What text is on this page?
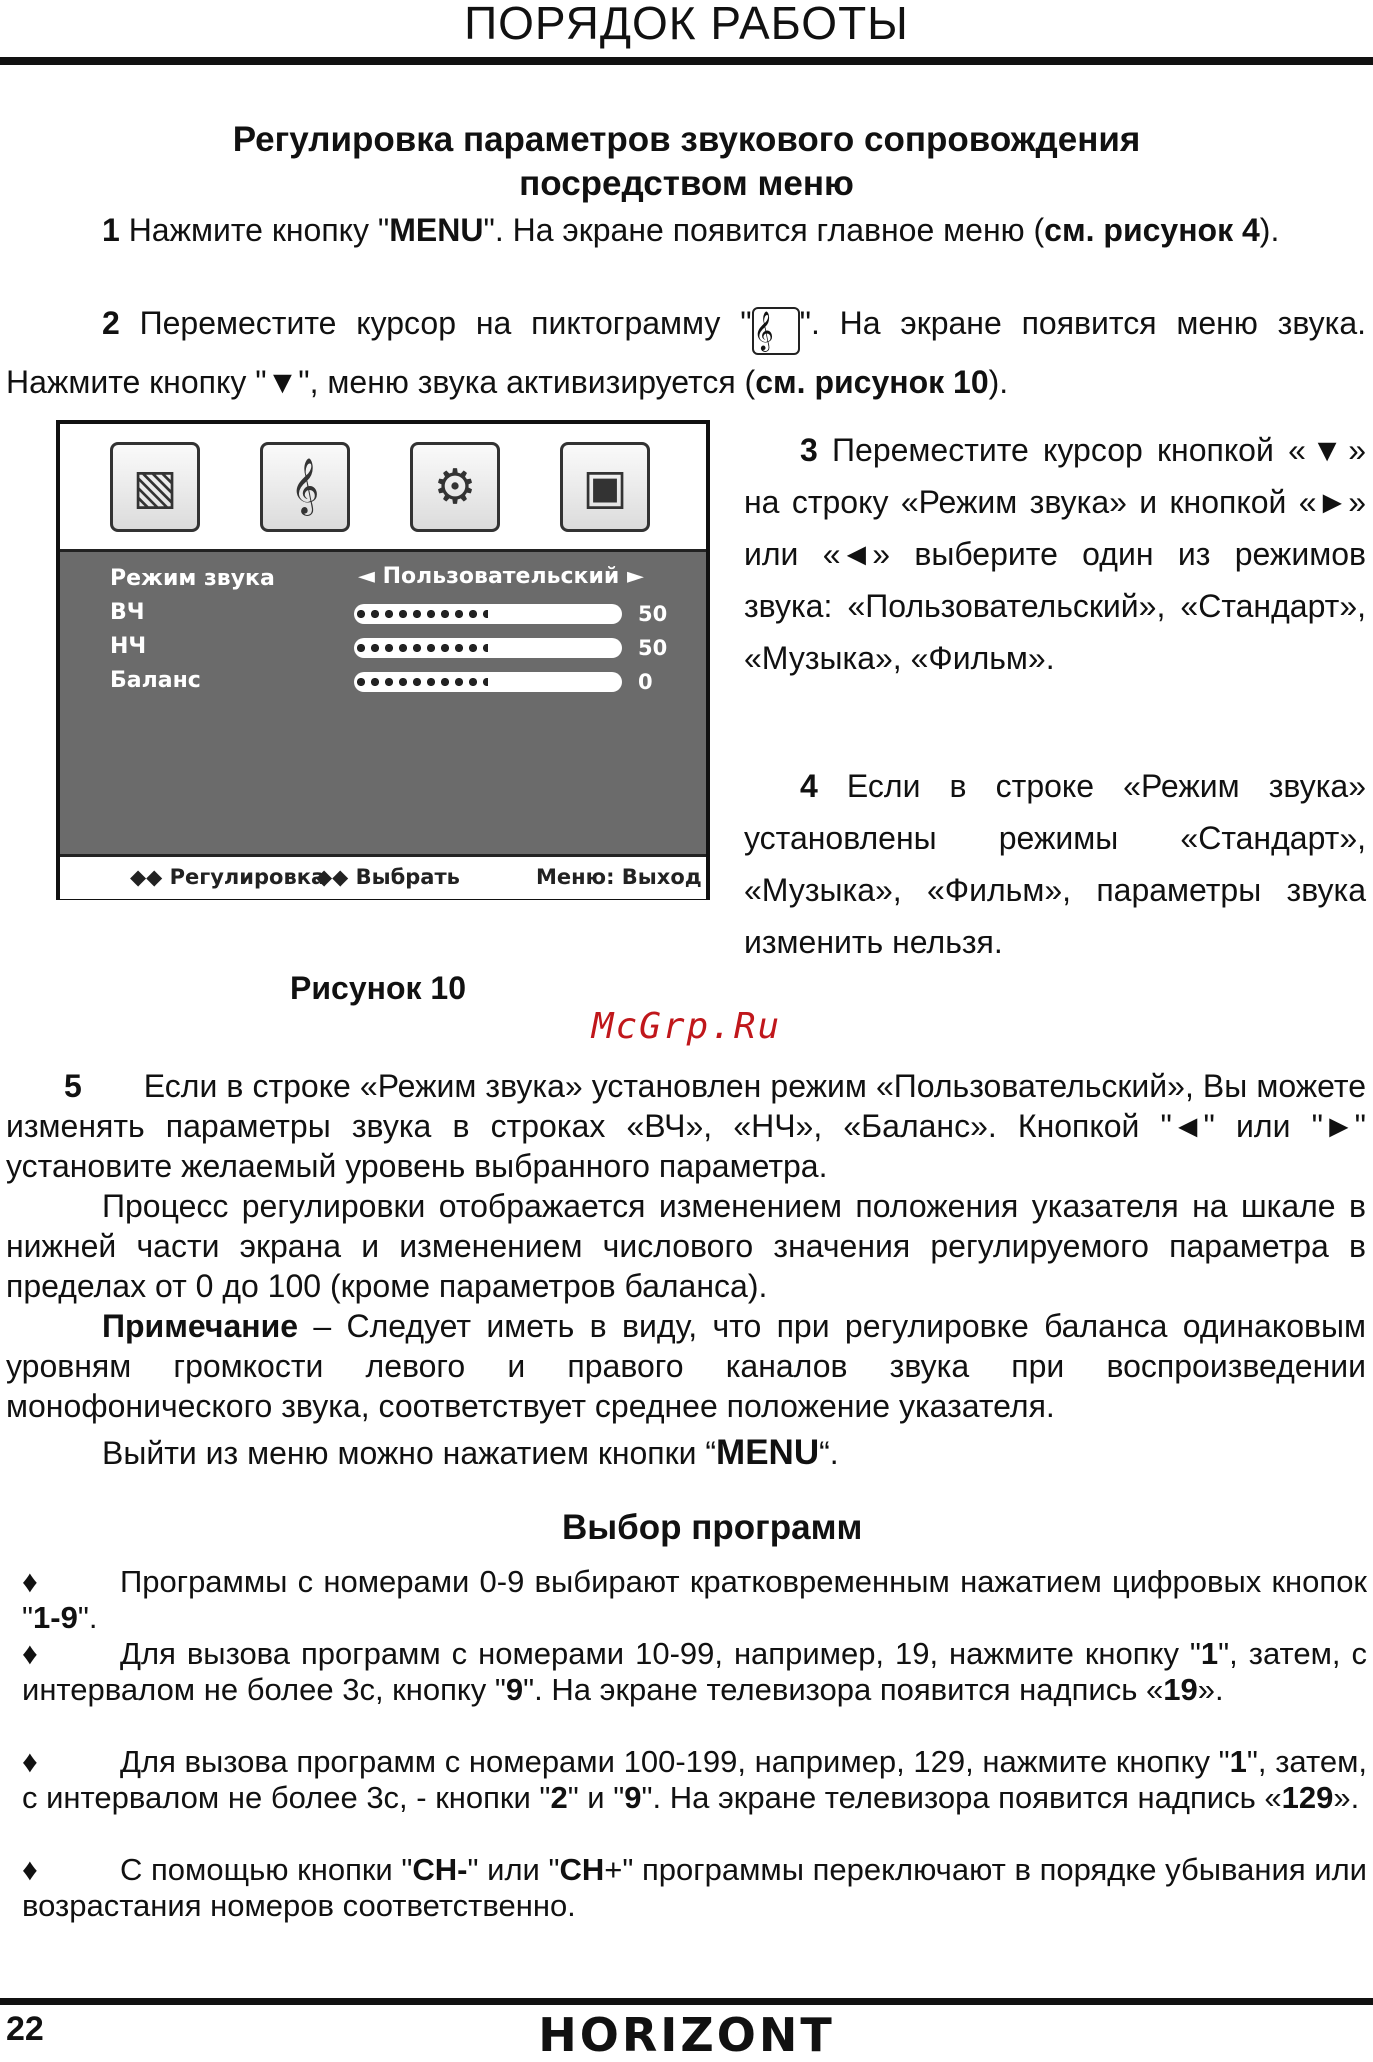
ПОРЯДОК РАБОТЫ
Регулировка параметров звукового сопровождения
посредством меню
1 Нажмите кнопку "MENU". На экране появится главное меню (см. рисунок 4).
2 Переместите курсор на пиктограмму "𝄞 ". На экране появится меню звука. Нажмите кнопку "▼", меню звука активизируется (см. рисунок 10).
▧	𝄞	⚙	▣
Режим звука	◄ Пользовательский ►
ВЧ	50
НЧ	50
Баланс	0
◆◆ Регулировка
◆◆ Выбрать	Меню: Выход
3 Переместите курсор кнопкой «▼» на строку «Режим звука» и кнопкой «►» или «◄» выберите один из режимов звука: «Пользовательский», «Стандарт», «Музыка», «Фильм».
4 Если в строке «Режим звука» установлены режимы «Стандарт», «Музыка», «Фильм», параметры звука изменить нельзя.
Рисунок 10
McGrp.Ru
5 Если в строке «Режим звука» установлен режим «Пользовательский», Вы можете изменять параметры звука в строках «ВЧ», «НЧ», «Баланс». Кнопкой "◄" или "►" установите желаемый уровень выбранного параметра.
Процесс регулировки отображается изменением положения указателя на шкале в нижней части экрана и изменением числового значения регулируемого параметра в пределах от 0 до 100 (кроме параметров баланса).
Примечание – Следует иметь в виду, что при регулировке баланса одинаковым уровням громкости левого и правого каналов звука при воспроизведении монофонического звука, соответствует среднее положение указателя.
Выйти из меню можно нажатием кнопки “MENU“.
Выбор программ
♦	Программы с номерами 0-9 выбирают кратковременным нажатием цифровых кнопок "1-9".
♦	Для вызова программ с номерами 10-99, например, 19, нажмите кнопку "1", затем, с интервалом не более 3с, кнопку "9". На экране телевизора появится надпись «19».
♦	Для вызова программ с номерами 100-199, например, 129, нажмите кнопку "1", затем, с интервалом не более 3с, - кнопки "2" и "9". На экране телевизора появится надпись «129».
♦	С помощью кнопки "CH-" или "CH+" программы переключают в порядке убывания или возрастания номеров соответственно.
22	HORIZONT
